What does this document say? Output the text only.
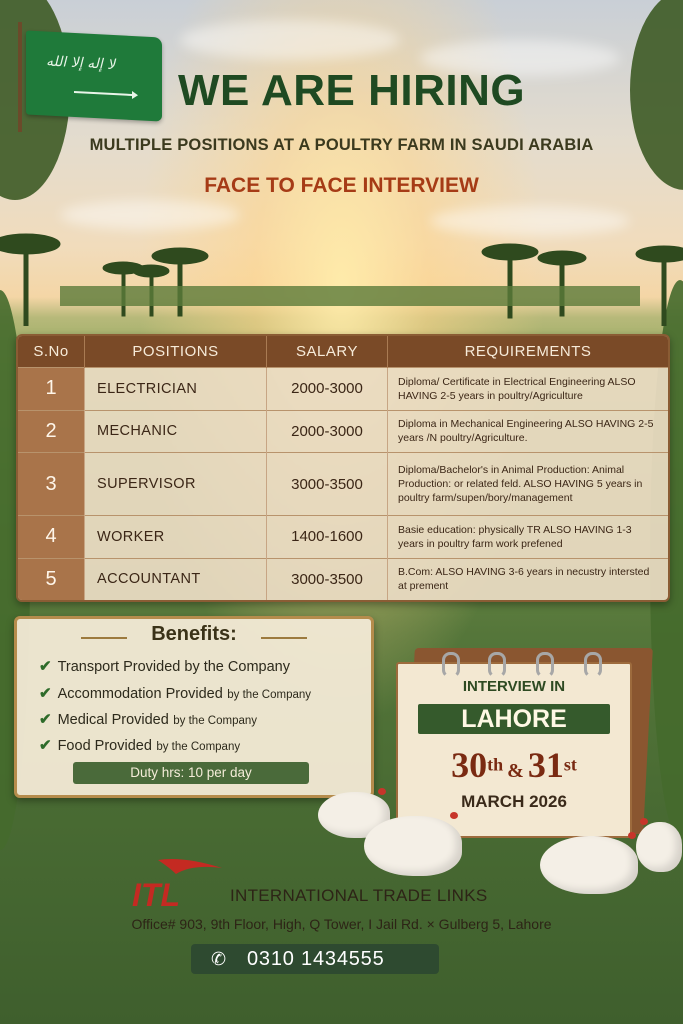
لا إله إلا الله
WE ARE HIRING
MULTIPLE POSITIONS AT A POULTRY FARM IN SAUDI ARABIA
FACE TO FACE INTERVIEW
S.No	POSITIONS	SALARY	REQUIREMENTS
1	ELECTRICIAN	2000-3000	Diploma/ Certificate in Electrical Engineering ALSO HAVING 2-5 years in poultry/Agriculture
2	MECHANIC	2000-3000	Diploma in Mechanical Engineering ALSO HAVING 2-5 years /N poultry/Agriculture.
3	SUPERVISOR	3000-3500	Diploma/Bachelor's in Animal Production: Animal Production: or related feld. ALSO HAVING 5 years in poultry farm/supen/bory/management
4	WORKER	1400-1600	Basie education: physically TR ALSO HAVING 1-3 years in poultry farm work prefened
5	ACCOUNTANT	3000-3500	B.Com: ALSO HAVING 3-6 years in necustry intersted at prement
Benefits:
✔ Transport Provided by the Company
✔ Accommodation Provided by the Company
✔ Medical Provided by the Company
✔ Food Provided by the Company
Duty hrs: 10 per day
INTERVIEW IN
LAHORE
30th & 31st
MARCH 2026
ITL	INTERNATIONAL TRADE LINKS
Office# 903, 9th Floor, High, Q Tower, I Jail Rd. × Gulberg 5, Lahore
✆ 0310 1434555
